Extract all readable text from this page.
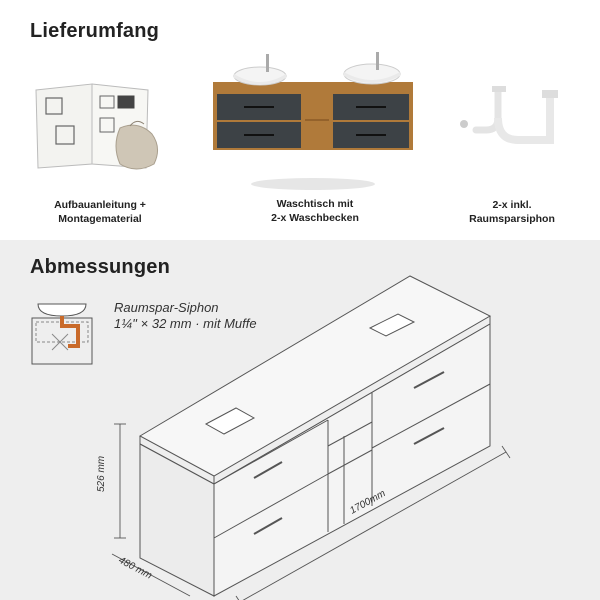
Lieferumfang
Aufbauanleitung +
Montagematerial
Waschtisch mit
2-x Waschbecken
2-x inkl.
Raumsparsiphon
Abmessungen
Raumspar-Siphon
1¼'' × 32 mm · mit Muffe
526 mm
1700mm
480 mm
